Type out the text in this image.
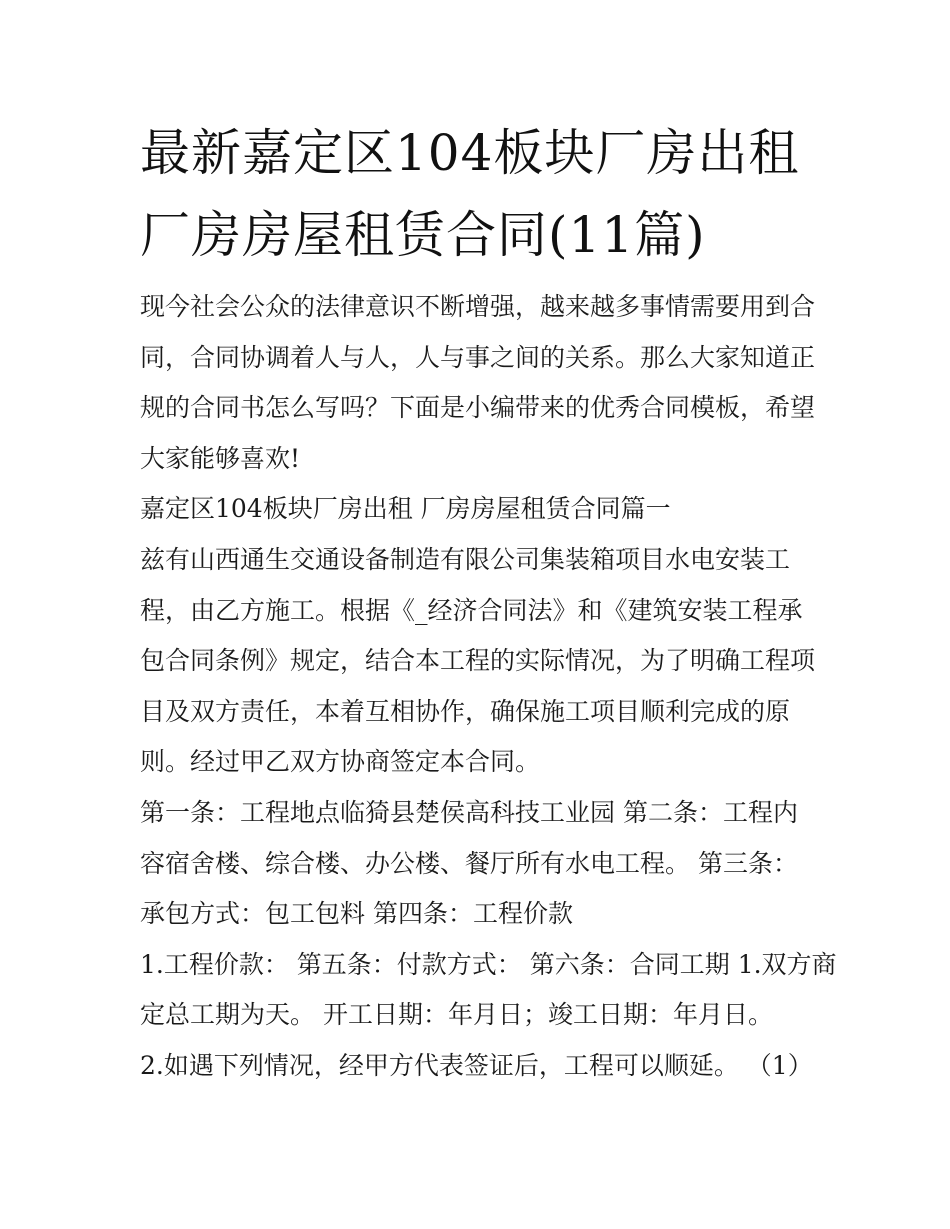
最新嘉定区104板块厂房出租
厂房房屋租赁合同(11篇)
现今社会公众的法律意识不断增强，越来越多事情需要用到合
同，合同协调着人与人，人与事之间的关系。那么大家知道正
规的合同书怎么写吗？下面是小编带来的优秀合同模板，希望
大家能够喜欢!
嘉定区104板块厂房出租 厂房房屋租赁合同篇一
兹有山西通生交通设备制造有限公司集装箱项目水电安装工
程，由乙方施工。根据《_经济合同法》和《建筑安装工程承
包合同条例》规定，结合本工程的实际情况，为了明确工程项
目及双方责任，本着互相协作，确保施工项目顺利完成的原
则。经过甲乙双方协商签定本合同。
第一条：工程地点临猗县楚侯高科技工业园 第二条：工程内
容宿舍楼、综合楼、办公楼、餐厅所有水电工程。 第三条：
承包方式：包工包料 第四条：工程价款
1.工程价款： 第五条：付款方式： 第六条：合同工期 1.双方商
定总工期为天。 开工日期：年月日；竣工日期：年月日。
2.如遇下列情况，经甲方代表签证后，工程可以顺延。 （1）
